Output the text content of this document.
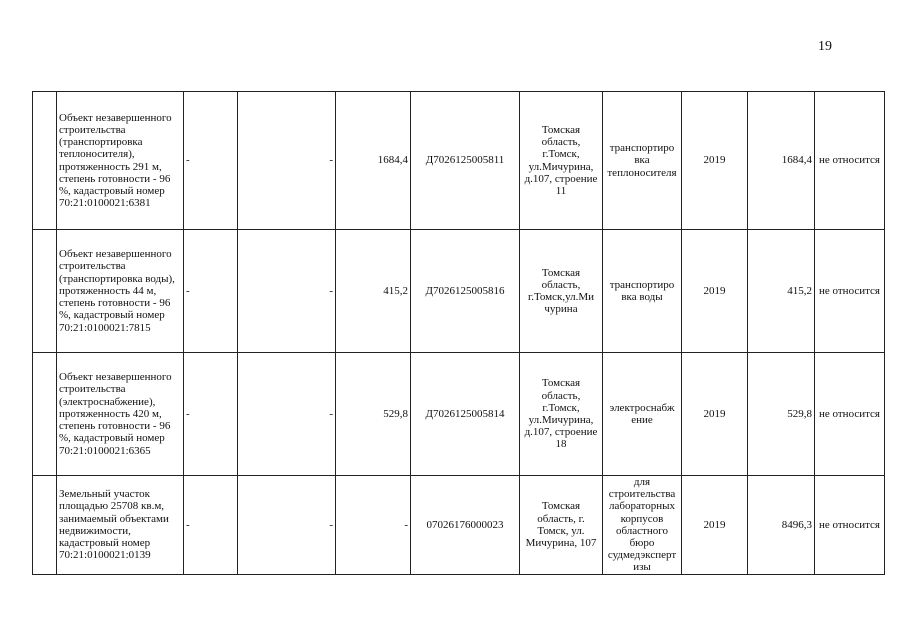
19
	Объект незавершенного строительства (транспортировка теплоносителя), протяженность 291 м, степень готовности - 96 %, кадастровый номер 70:21:0100021:6381	-	-	1684,4	Д7026125005811	Томская область, г.Томск, ул.Мичурина, д.107, строение 11	транспортиро вка теплоносителя	2019	1684,4	не относится
	Объект незавершенного строительства (транспортировка воды), протяженность 44 м, степень готовности - 96 %, кадастровый номер 70:21:0100021:7815	-	-	415,2	Д7026125005816	Томская область, г.Томск,ул.Ми чурина	транспортиро вка воды	2019	415,2	не относится
	Объект незавершенного строительства (электроснабжение), протяженность 420 м, степень готовности - 96 %, кадастровый номер 70:21:0100021:6365	-	-	529,8	Д7026125005814	Томская область, г.Томск, ул.Мичурина, д.107, строение 18	электроснабж ение	2019	529,8	не относится
	Земельный участок площадью 25708 кв.м, занимаемый объектами недвижимости, кадастровый номер 70:21:0100021:0139	-	-	-	07026176000023	Томская область, г. Томск, ул. Мичурина, 107	для строительства лабораторных корпусов областного бюро судмедэксперт изы	2019	8496,3	не относится
